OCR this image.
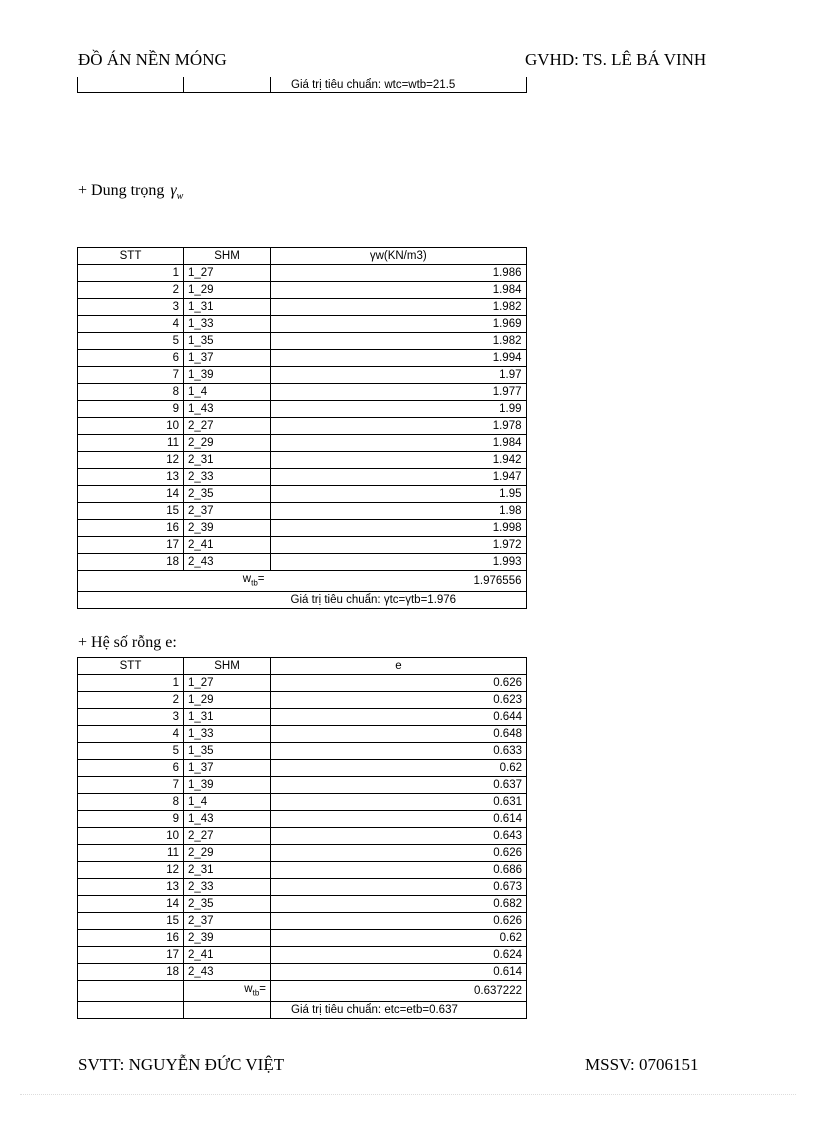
ĐỒ ÁN NỀN MÓNG	GVHD: TS. LÊ BÁ VINH
		Giá trị tiêu chuẩn: wtc=wtb=21.5
+ Dung trọng $\gamma_w$
STT	SHM	γw(KN/m3)
1	1_27	1.986
2	1_29	1.984
3	1_31	1.982
4	1_33	1.969
5	1_35	1.982
6	1_37	1.994
7	1_39	1.97
8	1_4	1.977
9	1_43	1.99
10	2_27	1.978
11	2_29	1.984
12	2_31	1.942
13	2_33	1.947
14	2_35	1.95
15	2_37	1.98
16	2_39	1.998
17	2_41	1.972
18	2_43	1.993
$w_{tb}=$		1.976556
		Giá trị tiêu chuẩn: γtc=γtb=1.976
+ Hệ số rỗng e:
STT	SHM	e
1	1_27	0.626
2	1_29	0.623
3	1_31	0.644
4	1_33	0.648
5	1_35	0.633
6	1_37	0.62
7	1_39	0.637
8	1_4	0.631
9	1_43	0.614
10	2_27	0.643
11	2_29	0.626
12	2_31	0.686
13	2_33	0.673
14	2_35	0.682
15	2_37	0.626
16	2_39	0.62
17	2_41	0.624
18	2_43	0.614
	$w_{tb}=$	0.637222
		Giá trị tiêu chuẩn: etc=etb=0.637
SVTT: NGUYỄN ĐỨC VIỆT	MSSV: 0706151
